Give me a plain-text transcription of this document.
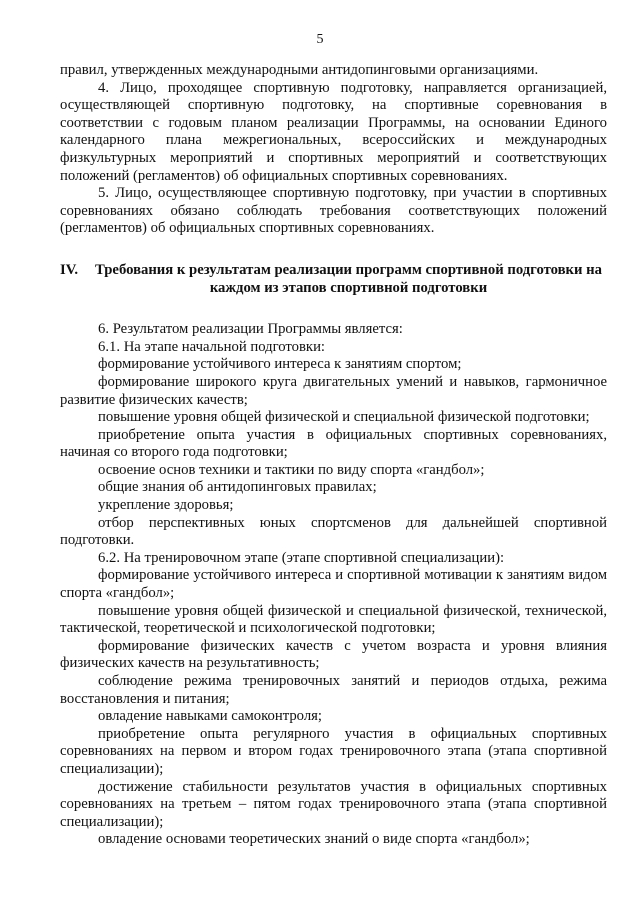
5

правил, утвержденных международными антидопинговыми организациями.

4. Лицо, проходящее спортивную подготовку, направляется организацией, осуществляющей спортивную подготовку, на спортивные соревнования в соответствии с годовым планом реализации Программы, на основании Единого календарного плана межрегиональных, всероссийских и международных физкультурных мероприятий и спортивных мероприятий и соответствующих положений (регламентов) об официальных спортивных соревнованиях.

5. Лицо, осуществляющее спортивную подготовку, при участии в спортивных соревнованиях обязано соблюдать требования соответствующих положений (регламентов) об официальных спортивных соревнованиях.

IV.	Требования к результатам реализации программ спортивной подготовки на каждом из этапов спортивной подготовки

6. Результатом реализации Программы является:

6.1. На этапе начальной подготовки:

формирование устойчивого интереса к занятиям спортом;

формирование широкого круга двигательных умений и навыков, гармоничное развитие физических качеств;

повышение уровня общей физической и специальной физической подготовки;

приобретение опыта участия в официальных спортивных соревнованиях, начиная со второго года подготовки;

освоение основ техники и тактики по виду спорта «гандбол»;

общие знания об антидопинговых правилах;

укрепление здоровья;

отбор перспективных юных спортсменов для дальнейшей спортивной подготовки.

6.2. На тренировочном этапе (этапе спортивной специализации):

формирование устойчивого интереса и спортивной мотивации к занятиям видом спорта «гандбол»;

повышение уровня общей физической и специальной физической, технической, тактической, теоретической и психологической подготовки;

формирование физических качеств с учетом возраста и уровня влияния физических качеств на результативность;

соблюдение режима тренировочных занятий и периодов отдыха, режима восстановления и питания;

овладение навыками самоконтроля;

приобретение опыта регулярного участия в официальных спортивных соревнованиях на первом и втором годах тренировочного этапа (этапа спортивной специализации);

достижение стабильности результатов участия в официальных спортивных соревнованиях на третьем – пятом годах тренировочного этапа (этапа спортивной специализации);

овладение основами теоретических знаний о виде спорта «гандбол»;
